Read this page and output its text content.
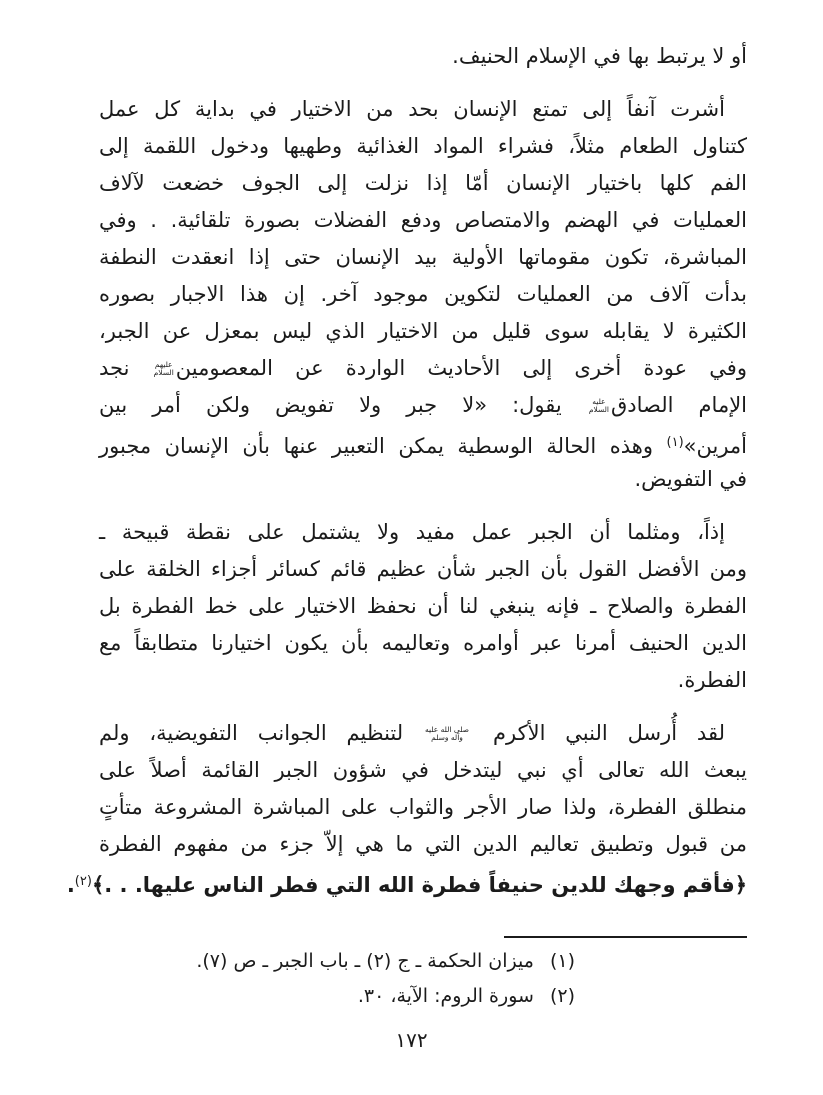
أو لا يرتبط بها في الإسلام الحنيف.
أشرت آنفاً إلى تمتع الإنسان بحد من الاختيار في بداية كل عمل
كتناول الطعام مثلاً، فشراء المواد الغذائية وطهيها ودخول اللقمة إلى
الفم كلها باختيار الإنسان أمّا إذا نزلت إلى الجوف خضعت لآلاف
العمليات في الهضم والامتصاص ودفع الفضلات بصورة تلقائية. . وفي
المباشرة، تكون مقوماتها الأولية بيد الإنسان حتى إذا انعقدت النطفة
بدأت آلاف من العمليات لتكوين موجود آخر. إن هذا الاجبار بصوره
الكثيرة لا يقابله سوى قليل من الاختيار الذي ليس بمعزل عن الجبر،
وفي عودة أخرى إلى الأحاديث الواردة عن المعصومين
عليهم
السلام
نجد
الإمام الصادق
عليه
السلام
يقول: «لا جبر ولا تفويض ولكن أمر بين
أمرين»$^{(١)}$ وهذه الحالة الوسطية يمكن التعبير عنها بأن الإنسان مجبور
في التفويض.
إذاً، ومثلما أن الجبر عمل مفيد ولا يشتمل على نقطة قبيحة ـ
ومن الأفضل القول بأن الجبر شأن عظيم قائم كسائر أجزاء الخلقة على
الفطرة والصلاح ـ فإنه ينبغي لنا أن نحفظ الاختيار على خط الفطرة بل
الدين الحنيف أمرنا عبر أوامره وتعاليمه بأن يكون اختيارنا متطابقاً مع
الفطرة.
لقد أُرسل النبي الأكرم
صلى الله عليه
وآله وسلم
لتنظيم الجوانب التفويضية، ولم
يبعث الله تعالى أي نبي ليتدخل في شؤون الجبر القائمة أصلاً على
منطلق الفطرة، ولذا صار الأجر والثواب على المباشرة المشروعة متأتٍ
من قبول وتطبيق تعاليم الدين التي ما هي إلاّ جزء من مفهوم الفطرة
﴿فأقم وجهك للدين حنيفاً فطرة الله التي فطر الناس عليها. . .﴾$^{(٢)}$.
(١)ميزان الحكمة ـ ج (٢) ـ باب الجبر ـ ص (٧).
(٢)سورة الروم: الآية، ٣٠.
١٧٢
